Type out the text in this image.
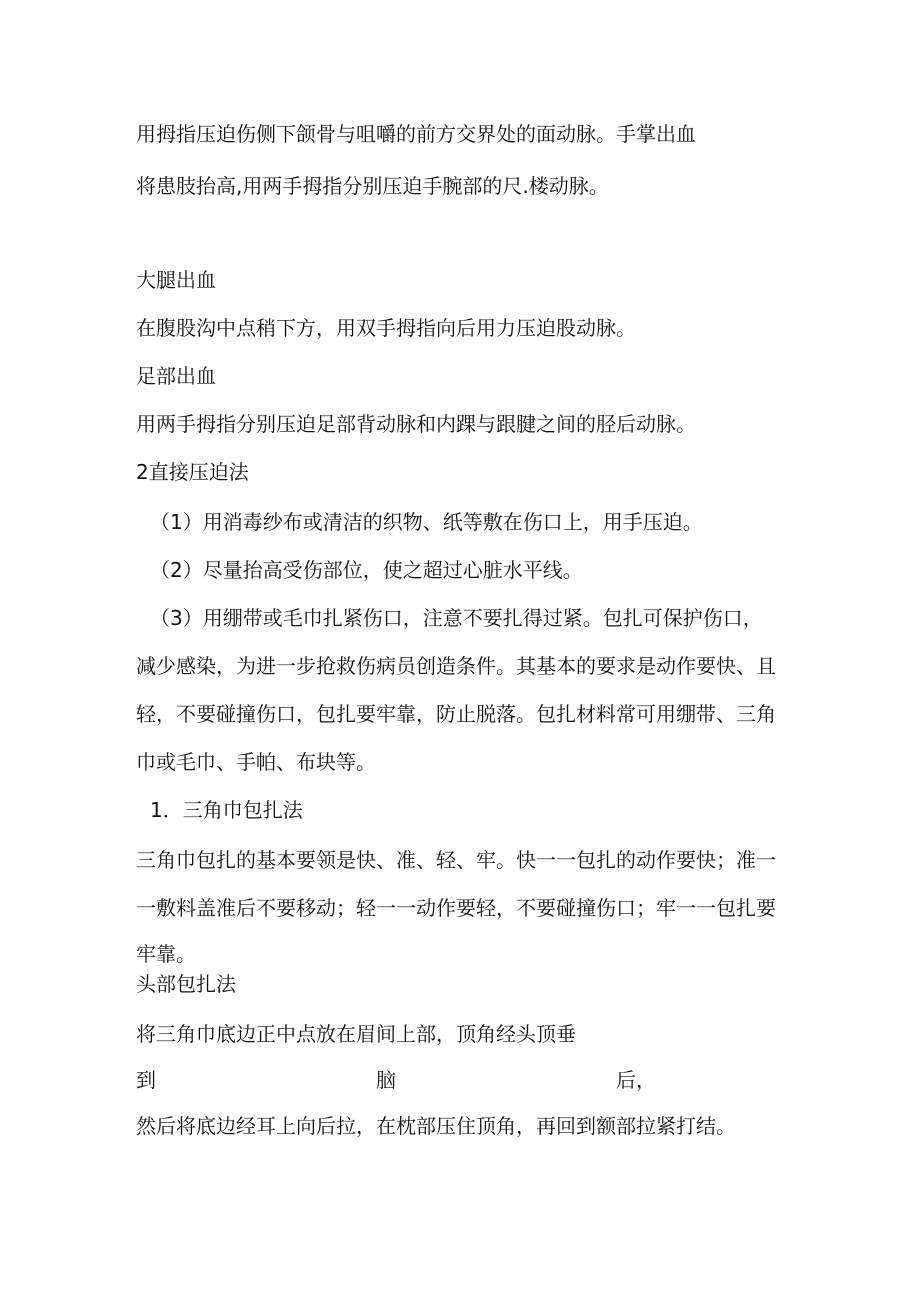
用拇指压迫伤侧下颌骨与咀嚼的前方交界处的面动脉。手掌出血

将患肢抬高,用两手拇指分别压迫手腕部的尺.楼动脉。

大腿出血

在腹股沟中点稍下方，用双手拇指向后用力压迫股动脉。

足部出血

用两手拇指分别压迫足部背动脉和内踝与跟腱之间的胫后动脉。

2直接压迫法

（1）用消毒纱布或清洁的织物、纸等敷在伤口上，用手压迫。

（2）尽量抬高受伤部位，使之超过心脏水平线。

（3）用绷带或毛巾扎紧伤口，注意不要扎得过紧。包扎可保护伤口，

减少感染，为进一步抢救伤病员创造条件。其基本的要求是动作要快、且

轻，不要碰撞伤口，包扎要牢靠，防止脱落。包扎材料常可用绷带、三角

巾或毛巾、手帕、布块等。

1．三角巾包扎法

三角巾包扎的基本要领是快、准、轻、牢。快一一包扎的动作要快；准一

一敷料盖准后不要移动；轻一一动作要轻，不要碰撞伤口；牢一一包扎要

牢靠。

头部包扎法

将三角巾底边正中点放在眉间上部，顶角经头顶垂

到	脑	后，

然后将底边经耳上向后拉，在枕部压住顶角，再回到额部拉紧打结。
